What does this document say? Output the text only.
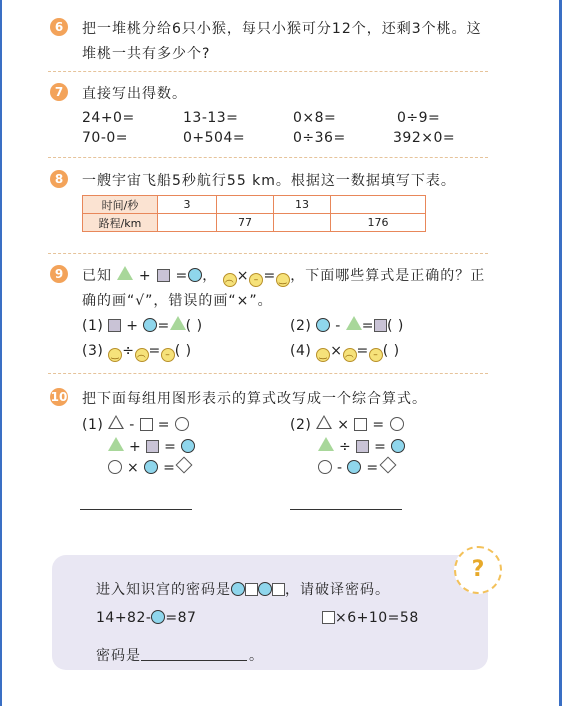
6	把一堆桃分给6只小猴，每只小猴可分12个，还剩3个桃。这
堆桃一共有多少个?
7	直接写出得数。
24+0=	13-13=	0×8=	0÷9=
70-0=	0+504=	0÷36=	392×0=
8	一艘宇宙飞船5秒航行55 km。根据这一数据填写下表。
时间/秒	3		13	
路程/km		77		176
9	已知  +  = ， ︵ × – = ‿ ，下面哪些算式是正确的？正
确的画“√”，错误的画“×”。
(1)  + = ( )	(2)  - = ( )
(3) ‿ ÷ ︵ = – ( )	(4) ‿ × ︵ = – ( )
10 把下面每组用图形表示的算式改写成一个综合算式。
(1)  -  =
+  =
×  =
(2)  ×  =
÷  =
-  =
?
进入知识宫的密码是	，请破译密码。
14+82- =87	×6+10=58
密码是	。
